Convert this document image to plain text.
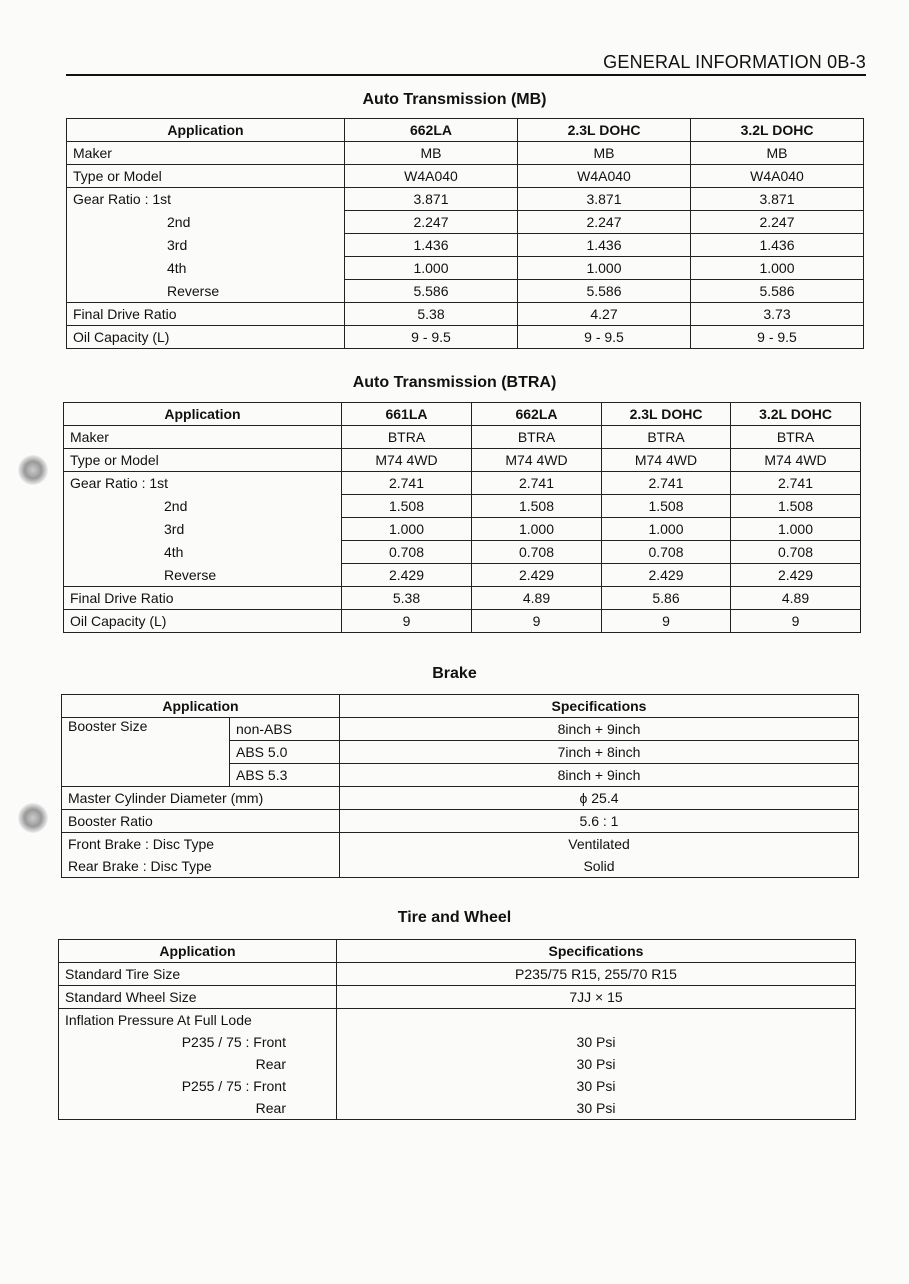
GENERAL INFORMATION 0B-3
Auto Transmission (MB)
Application	662LA	2.3L DOHC	3.2L DOHC
Maker	MB	MB	MB
Type or Model	W4A040	W4A040	W4A040
Gear Ratio : 1st	3.871	3.871	3.871
2nd	2.247	2.247	2.247
3rd	1.436	1.436	1.436
4th	1.000	1.000	1.000
Reverse	5.586	5.586	5.586
Final Drive Ratio	5.38	4.27	3.73
Oil Capacity (L)	9 - 9.5	9 - 9.5	9 - 9.5
Auto Transmission (BTRA)
Application	661LA	662LA	2.3L DOHC	3.2L DOHC
Maker	BTRA	BTRA	BTRA	BTRA
Type or Model	M74 4WD	M74 4WD	M74 4WD	M74 4WD
Gear Ratio : 1st	2.741	2.741	2.741	2.741
2nd	1.508	1.508	1.508	1.508
3rd	1.000	1.000	1.000	1.000
4th	0.708	0.708	0.708	0.708
Reverse	2.429	2.429	2.429	2.429
Final Drive Ratio	5.38	4.89	5.86	4.89
Oil Capacity (L)	9	9	9	9
Brake
Application		Specifications
Booster Size	non-ABS	8inch + 9inch
	ABS 5.0	7inch + 8inch
	ABS 5.3	8inch + 9inch
Master Cylinder Diameter (mm)		ϕ 25.4
Booster Ratio		5.6 : 1
Front Brake : Disc Type		Ventilated
Rear Brake : Disc Type		Solid
Tire and Wheel
Application	Specifications
Standard Tire Size	P235/75 R15, 255/70 R15
Standard Wheel Size	7JJ × 15
Inflation Pressure At Full Lode	
P235 / 75 : Front	30 Psi
Rear	30 Psi
P255 / 75 : Front	30 Psi
Rear	30 Psi
